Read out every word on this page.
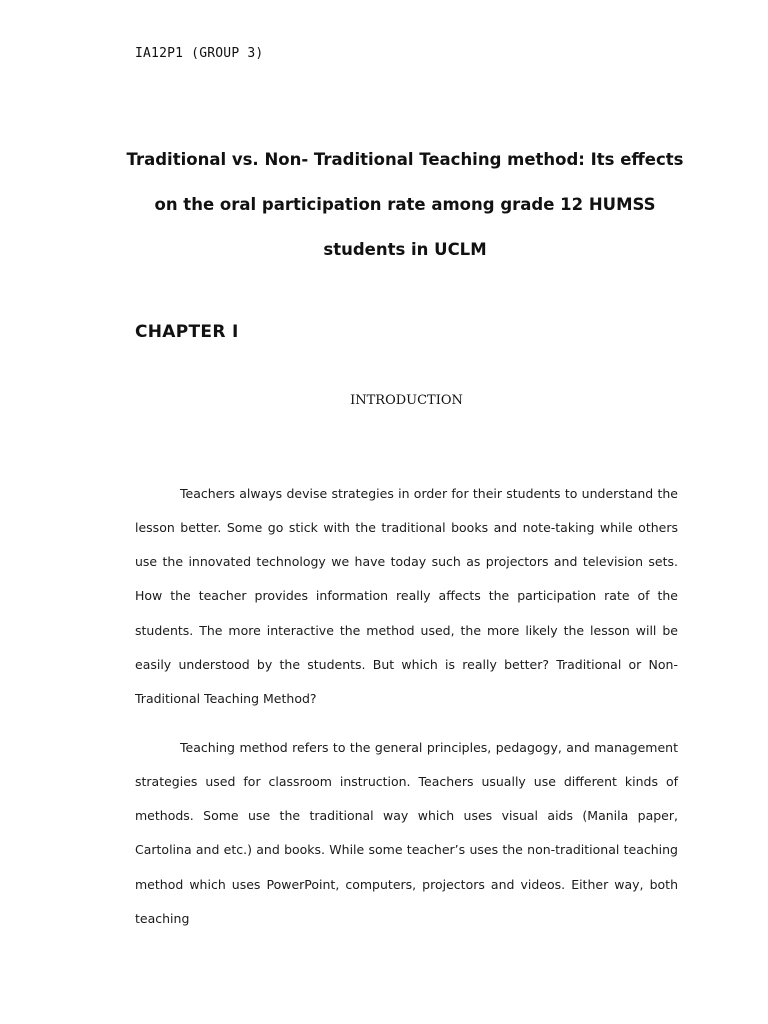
IA12P1 (GROUP 3)
Traditional vs. Non- Traditional Teaching method: Its effects
on the oral participation rate among grade 12 HUMSS
students in UCLM
CHAPTER I
INTRODUCTION

Teachers always devise strategies in order for their students to understand the lesson better. Some go stick with the traditional books and note-taking while others use the innovated technology we have today such as projectors and television sets. How the teacher provides information really affects the participation rate of the students. The more interactive the method used, the more likely the lesson will be easily understood by the students. But which is really better? Traditional or Non-Traditional Teaching Method?

Teaching method refers to the general principles, pedagogy, and management strategies used for classroom instruction. Teachers usually use different kinds of methods. Some use the traditional way which uses visual aids (Manila paper, Cartolina and etc.) and books. While some teacher’s uses the non-traditional teaching method which uses PowerPoint, computers, projectors and videos. Either way, both teaching
